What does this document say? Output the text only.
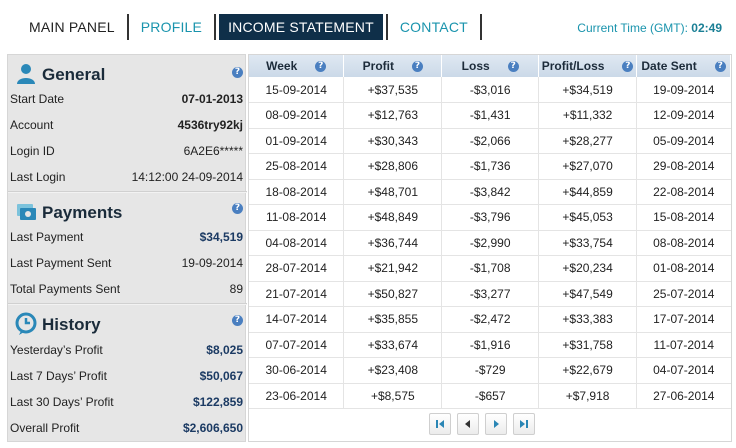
MAIN PANEL	PROFILE	INCOME STATEMENT	CONTACT	Current Time (GMT): 02:49
General	?
Start Date	07-01-2013
Account	4536try92kj
Login ID	6A2E6*****
Last Login	14:12:00 24-09-2014
Payments	?
Last Payment	$34,519
Last Payment Sent	19-09-2014
Total Payments Sent	89
History	?
Yesterday’s Profit	$8,025
Last 7 Days’ Profit	$50,067
Last 30 Days’ Profit	$122,859
Overall Profit	$2,606,650
Week ?	Profit ?	Loss ?	Profit/Loss ?	Date Sent ?

15-09-2014	+$37,535	-$3,016	+$34,519	19-09-2014
08-09-2014	+$12,763	-$1,431	+$11,332	12-09-2014
01-09-2014	+$30,343	-$2,066	+$28,277	05-09-2014
25-08-2014	+$28,806	-$1,736	+$27,070	29-08-2014
18-08-2014	+$48,701	-$3,842	+$44,859	22-08-2014
11-08-2014	+$48,849	-$3,796	+$45,053	15-08-2014
04-08-2014	+$36,744	-$2,990	+$33,754	08-08-2014
28-07-2014	+$21,942	-$1,708	+$20,234	01-08-2014
21-07-2014	+$50,827	-$3,277	+$47,549	25-07-2014
14-07-2014	+$35,855	-$2,472	+$33,383	17-07-2014
07-07-2014	+$33,674	-$1,916	+$31,758	11-07-2014
30-06-2014	+$23,408	-$729	+$22,679	04-07-2014
23-06-2014	+$8,575	-$657	+$7,918	27-06-2014
